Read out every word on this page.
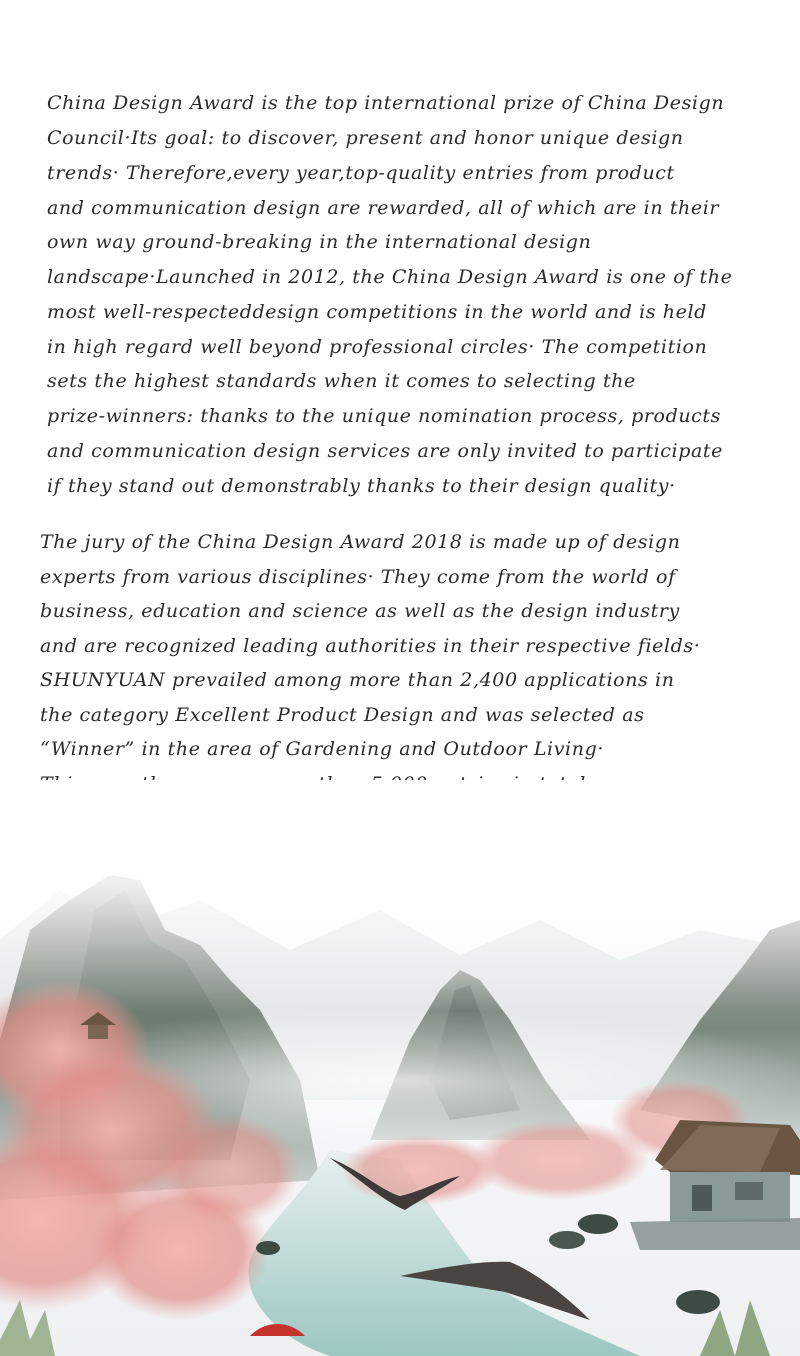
China Design Award is the top international prize of China Design
Council·Its goal: to discover, present and honor unique design
trends· Therefore,every year,top-quality entries from product
and communication design are rewarded, all of which are in their
own way ground-breaking in the international design
landscape·Launched in 2012, the China Design Award is one of the
most well-respecteddesign competitions in the world and is held
in high regard well beyond professional circles· The competition
sets the highest standards when it comes to selecting the
prize-winners: thanks to the unique nomination process, products
and communication design services are only invited to participate
if they stand out demonstrably thanks to their design quality·
The jury of the China Design Award 2018 is made up of design
experts from various disciplines· They come from the world of
business, education and science as well as the design industry
and are recognized leading authorities in their respective fields·
SHUNYUAN prevailed among more than 2,400 applications in
the category Excellent Product Design and was selected as
“Winner” in the area of Gardening and Outdoor Living·
